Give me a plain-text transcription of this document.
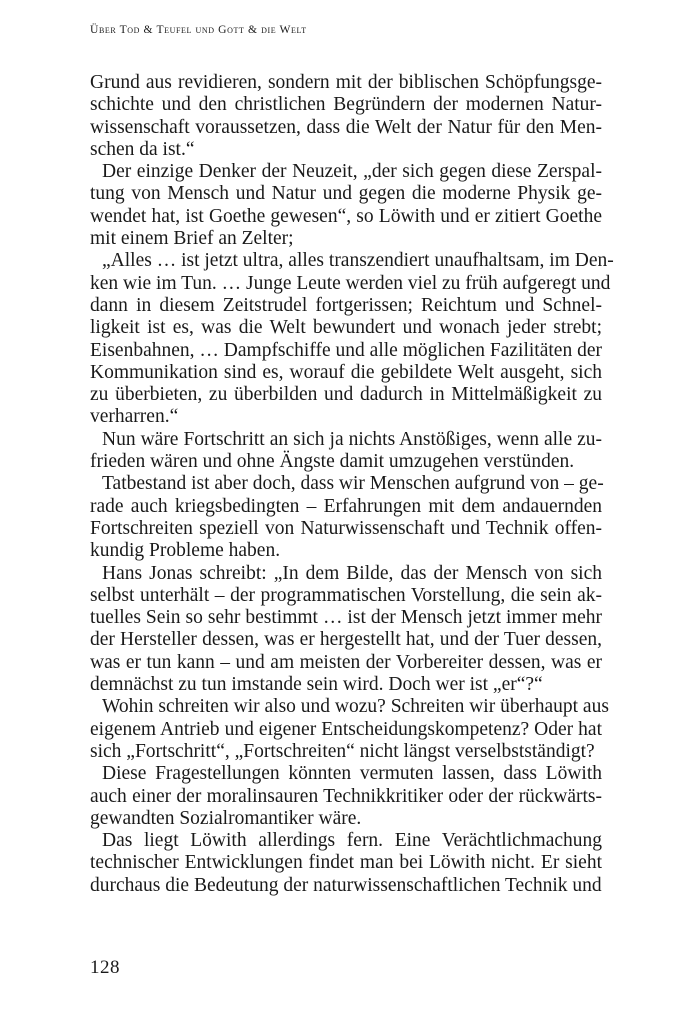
Über Tod & Teufel und Gott & die Welt
Grund aus revidieren, sondern mit der biblischen Schöpfungsge-
schichte und den christlichen Begründern der modernen Natur-
wissenschaft voraussetzen, dass die Welt der Natur für den Men-
schen da ist.“
Der einzige Denker der Neuzeit, „der sich gegen diese Zerspal-
tung von Mensch und Natur und gegen die moderne Physik ge-
wendet hat, ist Goethe gewesen“, so Löwith und er zitiert Goethe
mit einem Brief an Zelter;
„Alles … ist jetzt ultra, alles transzendiert unaufhaltsam, im Den-
ken wie im Tun. … Junge Leute werden viel zu früh aufgeregt und
dann in diesem Zeitstrudel fortgerissen; Reichtum und Schnel-
ligkeit ist es, was die Welt bewundert und wonach jeder strebt;
Eisenbahnen, … Dampfschiffe und alle möglichen Fazilitäten der
Kommunikation sind es, worauf die gebildete Welt ausgeht, sich
zu überbieten, zu überbilden und dadurch in Mittelmäßigkeit zu
verharren.“
Nun wäre Fortschritt an sich ja nichts Anstößiges, wenn alle zu-
frieden wären und ohne Ängste damit umzugehen verstünden.
Tatbestand ist aber doch, dass wir Menschen aufgrund von – ge-
rade auch kriegsbedingten – Erfahrungen mit dem andauernden
Fortschreiten speziell von Naturwissenschaft und Technik offen-
kundig Probleme haben.
Hans Jonas schreibt: „In dem Bilde, das der Mensch von sich
selbst unterhält – der programmatischen Vorstellung, die sein ak-
tuelles Sein so sehr bestimmt … ist der Mensch jetzt immer mehr
der Hersteller dessen, was er hergestellt hat, und der Tuer dessen,
was er tun kann – und am meisten der Vorbereiter dessen, was er
demnächst zu tun imstande sein wird. Doch wer ist „er“?“
Wohin schreiten wir also und wozu? Schreiten wir überhaupt aus
eigenem Antrieb und eigener Entscheidungskompetenz? Oder hat
sich „Fortschritt“, „Fortschreiten“ nicht längst verselbstständigt?
Diese Fragestellungen könnten vermuten lassen, dass Löwith
auch einer der moralinsauren Technikkritiker oder der rückwärts-
gewandten Sozialromantiker wäre.
Das liegt Löwith allerdings fern. Eine Verächtlichmachung
technischer Entwicklungen findet man bei Löwith nicht. Er sieht
durchaus die Bedeutung der naturwissenschaftlichen Technik und
128
